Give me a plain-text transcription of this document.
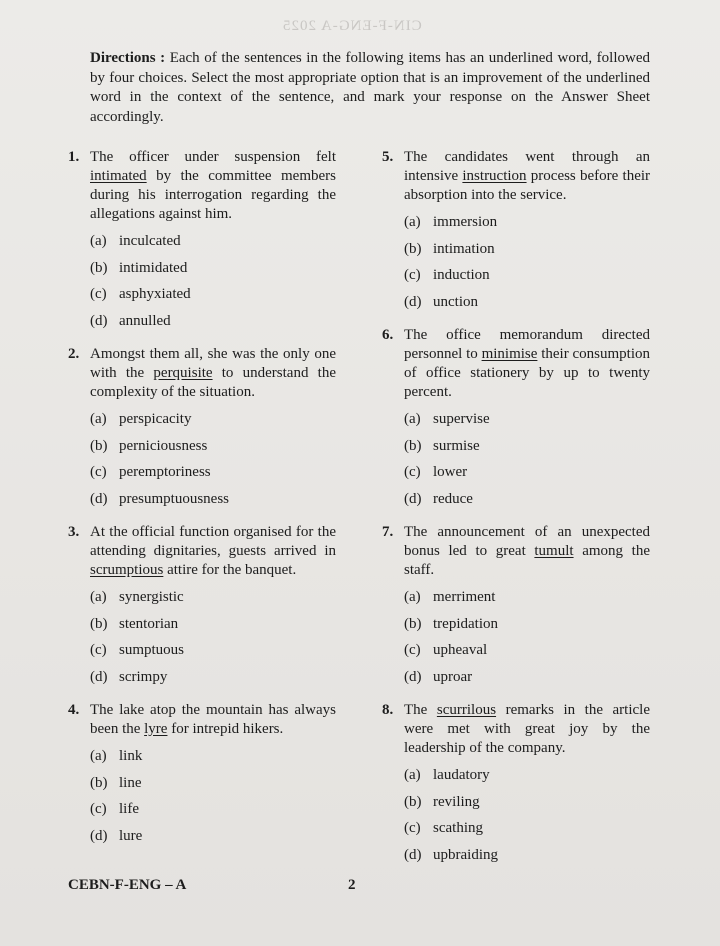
CIN-F-ENG-A 2025
Directions : Each of the sentences in the following items has an underlined word, followed by four choices. Select the most appropriate option that is an improvement of the underlined word in the context of the sentence, and mark your response on the Answer Sheet accordingly.
1. The officer under suspension felt intimated by the committee members during his interrogation regarding the allegations against him.
(a) inculcated
(b) intimidated
(c) asphyxiated
(d) annulled
2. Amongst them all, she was the only one with the perquisite to understand the complexity of the situation.
(a) perspicacity
(b) perniciousness
(c) peremptoriness
(d) presumptuousness
3. At the official function organised for the attending dignitaries, guests arrived in scrumptious attire for the banquet.
(a) synergistic
(b) stentorian
(c) sumptuous
(d) scrimpy
4. The lake atop the mountain has always been the lyre for intrepid hikers.
(a) link
(b) line
(c) life
(d) lure
5. The candidates went through an intensive instruction process before their absorption into the service.
(a) immersion
(b) intimation
(c) induction
(d) unction
6. The office memorandum directed personnel to minimise their consumption of office stationery by up to twenty percent.
(a) supervise
(b) surmise
(c) lower
(d) reduce
7. The announcement of an unexpected bonus led to great tumult among the staff.
(a) merriment
(b) trepidation
(c) upheaval
(d) uproar
8. The scurrilous remarks in the article were met with great joy by the leadership of the company.
(a) laudatory
(b) reviling
(c) scathing
(d) upbraiding
CEBN-F-ENG – A	2
